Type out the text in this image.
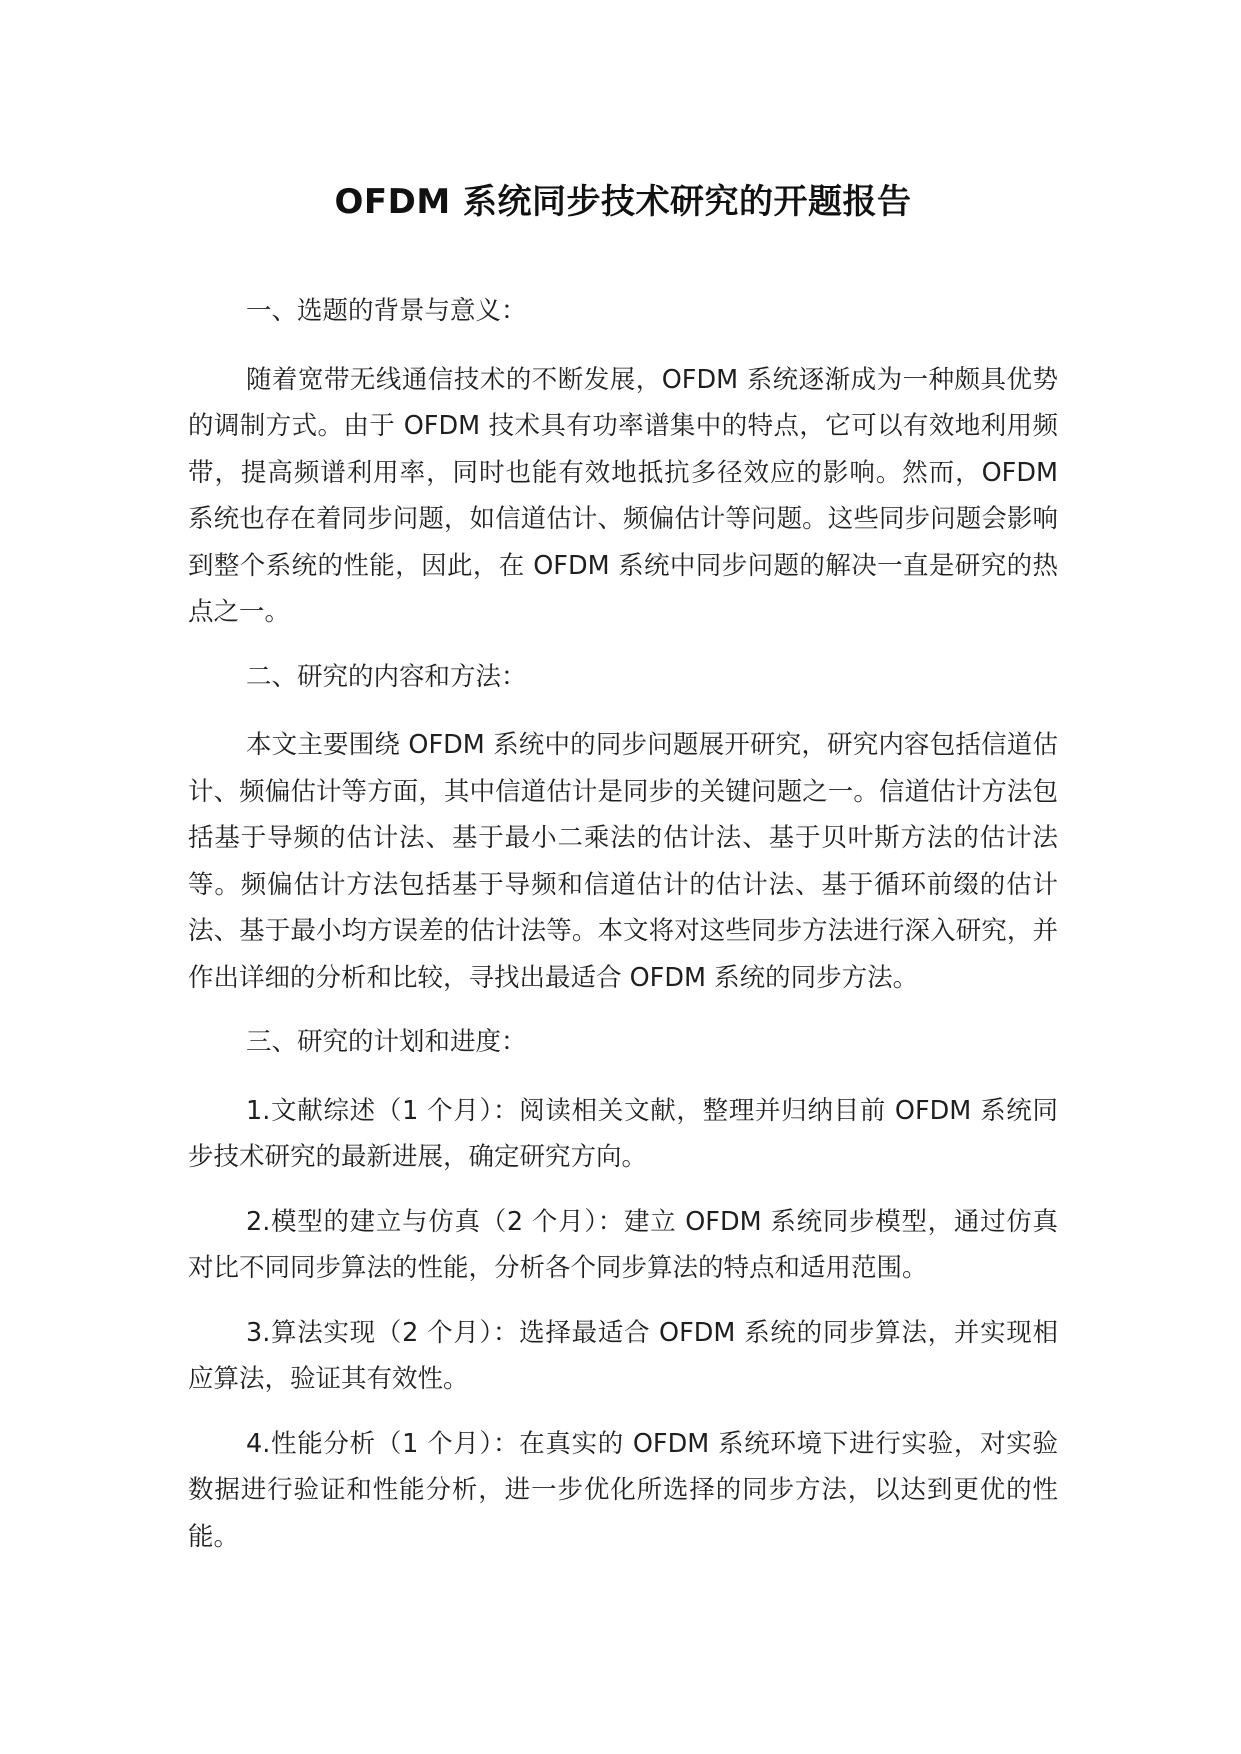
OFDM 系统同步技术研究的开题报告

一、选题的背景与意义：

随着宽带无线通信技术的不断发展，OFDM 系统逐渐成为一种颇具优势的调制方式。由于 OFDM 技术具有功率谱集中的特点，它可以有效地利用频带，提高频谱利用率，同时也能有效地抵抗多径效应的影响。然而，OFDM 系统也存在着同步问题，如信道估计、频偏估计等问题。这些同步问题会影响到整个系统的性能，因此，在 OFDM 系统中同步问题的解决一直是研究的热点之一。

二、研究的内容和方法：

本文主要围绕 OFDM 系统中的同步问题展开研究，研究内容包括信道估计、频偏估计等方面，其中信道估计是同步的关键问题之一。信道估计方法包括基于导频的估计法、基于最小二乘法的估计法、基于贝叶斯方法的估计法等。频偏估计方法包括基于导频和信道估计的估计法、基于循环前缀的估计法、基于最小均方误差的估计法等。本文将对这些同步方法进行深入研究，并作出详细的分析和比较，寻找出最适合 OFDM 系统的同步方法。

三、研究的计划和进度：

1.文献综述（1 个月）：阅读相关文献，整理并归纳目前 OFDM 系统同步技术研究的最新进展，确定研究方向。

2.模型的建立与仿真（2 个月）：建立 OFDM 系统同步模型，通过仿真对比不同同步算法的性能，分析各个同步算法的特点和适用范围。

3.算法实现（2 个月）：选择最适合 OFDM 系统的同步算法，并实现相应算法，验证其有效性。

4.性能分析（1 个月）：在真实的 OFDM 系统环境下进行实验，对实验数据进行验证和性能分析，进一步优化所选择的同步方法，以达到更优的性能。
